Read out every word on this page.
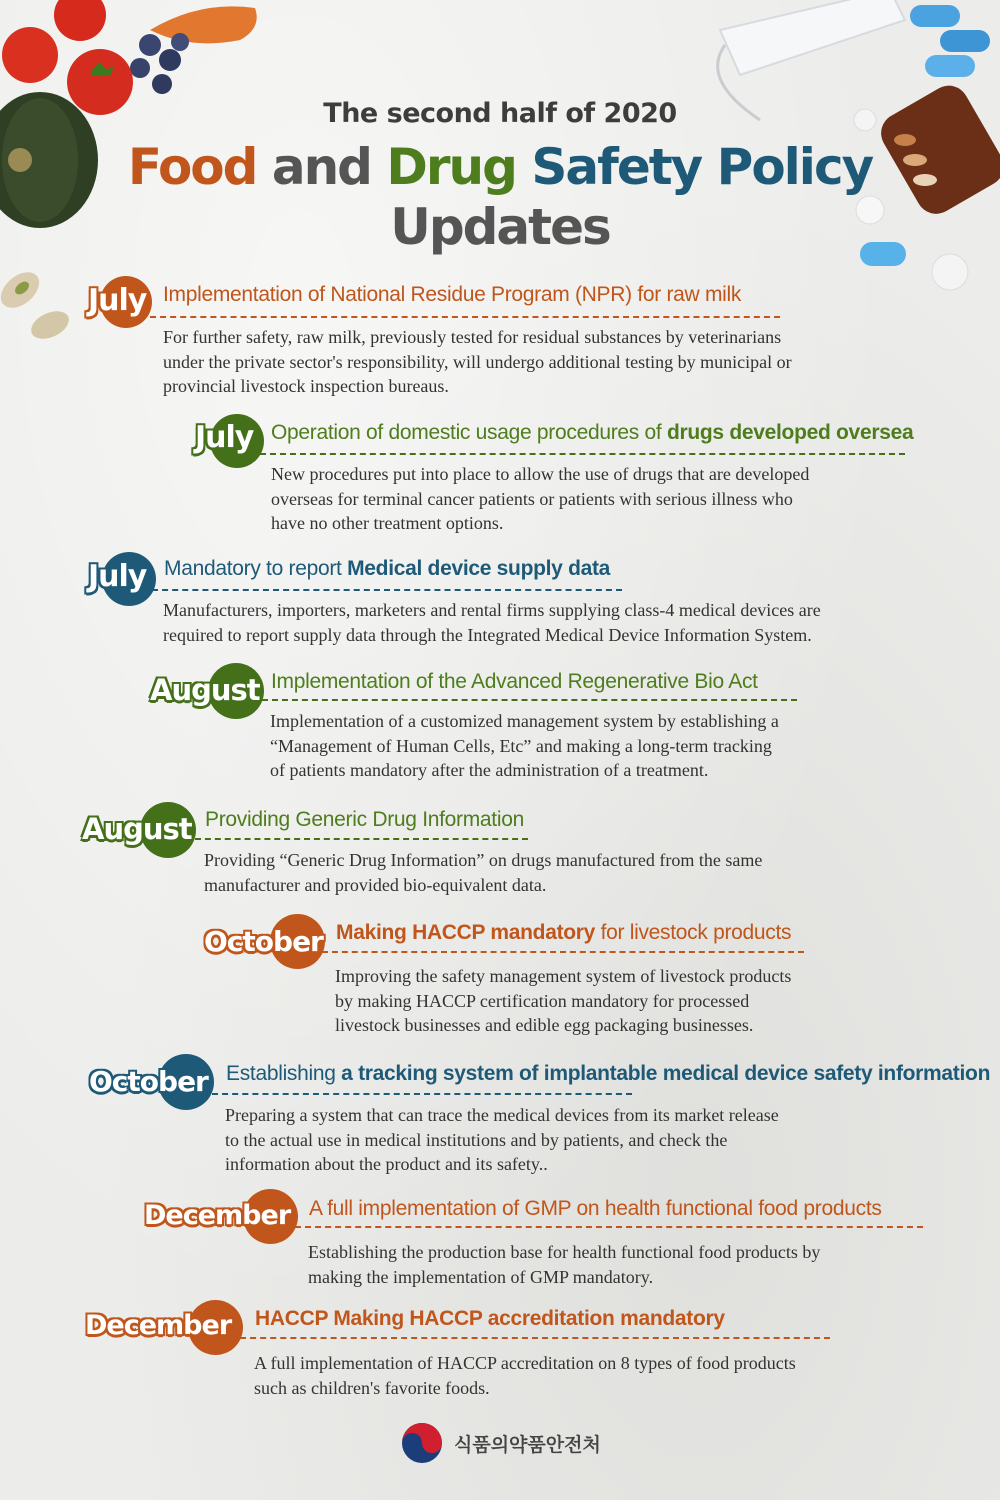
The second half of 2020
Food and Drug Safety Policy
Updates
July Implementation of National Residue Program (NPR) for raw milk
For further safety, raw milk, previously tested for residual substances by veterinarians
under the private sector's responsibility, will undergo additional testing by municipal or
provincial livestock inspection bureaus.
July Operation of domestic usage procedures of drugs developed oversea
New procedures put into place to allow the use of drugs that are developed
overseas for terminal cancer patients or patients with serious illness who
have no other treatment options.
July Mandatory to report Medical device supply data
Manufacturers, importers, marketers and rental firms supplying class-4 medical devices are
required to report supply data through the Integrated Medical Device Information System.
August Implementation of the Advanced Regenerative Bio Act
Implementation of a customized management system by establishing a
“Management of Human Cells, Etc” and making a long-term tracking
of patients mandatory after the administration of a treatment.
August Providing Generic Drug Information
Providing “Generic Drug Information” on drugs manufactured from the same
manufacturer and provided bio-equivalent data.
October Making HACCP mandatory for livestock products
Improving the safety management system of livestock products
by making HACCP certification mandatory for processed
livestock businesses and edible egg packaging businesses.
October Establishing a tracking system of implantable medical device safety information
Preparing a system that can trace the medical devices from its market release
to the actual use in medical institutions and by patients, and check the
information about the product and its safety..
December A full implementation of GMP on health functional food products
Establishing the production base for health functional food products by
making the implementation of GMP mandatory.
December HACCP Making HACCP accreditation mandatory
A full implementation of HACCP accreditation on 8 types of food products
such as children's favorite foods.
식품의약품안전처
